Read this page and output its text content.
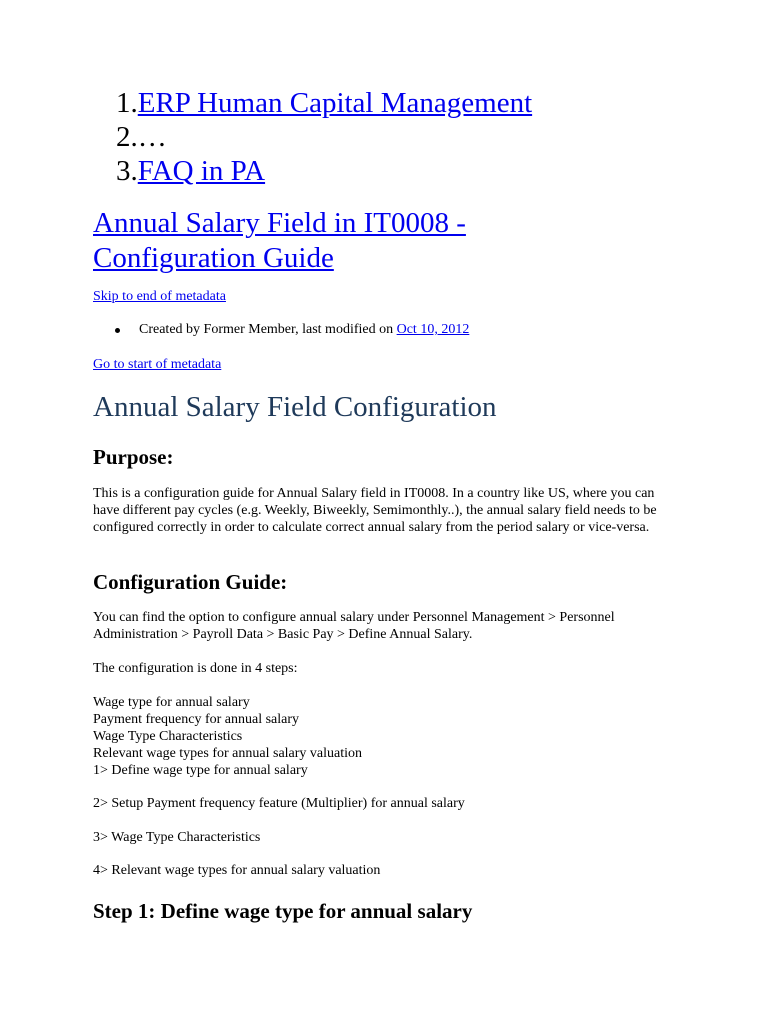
1.ERP Human Capital Management
2.…
3.FAQ in PA
Annual Salary Field in IT0008 -
Configuration Guide
Skip to end of metadata
Created by Former Member, last modified on Oct 10, 2012
Go to start of metadata
Annual Salary Field Configuration
Purpose:

This is a configuration guide for Annual Salary field in IT0008. In a country like US, where you can have different pay cycles (e.g. Weekly, Biweekly, Semimonthly..), the annual salary field needs to be configured correctly in order to calculate correct annual salary from the period salary or vice-versa.

Configuration Guide:

You can find the option to configure annual salary under Personnel Management > Personnel Administration > Payroll Data > Basic Pay > Define Annual Salary.

The configuration is done in 4 steps:

Wage type for annual salary
Payment frequency for annual salary
Wage Type Characteristics
Relevant wage types for annual salary valuation
1> Define wage type for annual salary

2> Setup Payment frequency feature (Multiplier) for annual salary

3> Wage Type Characteristics

4> Relevant wage types for annual salary valuation

Step 1: Define wage type for annual salary
